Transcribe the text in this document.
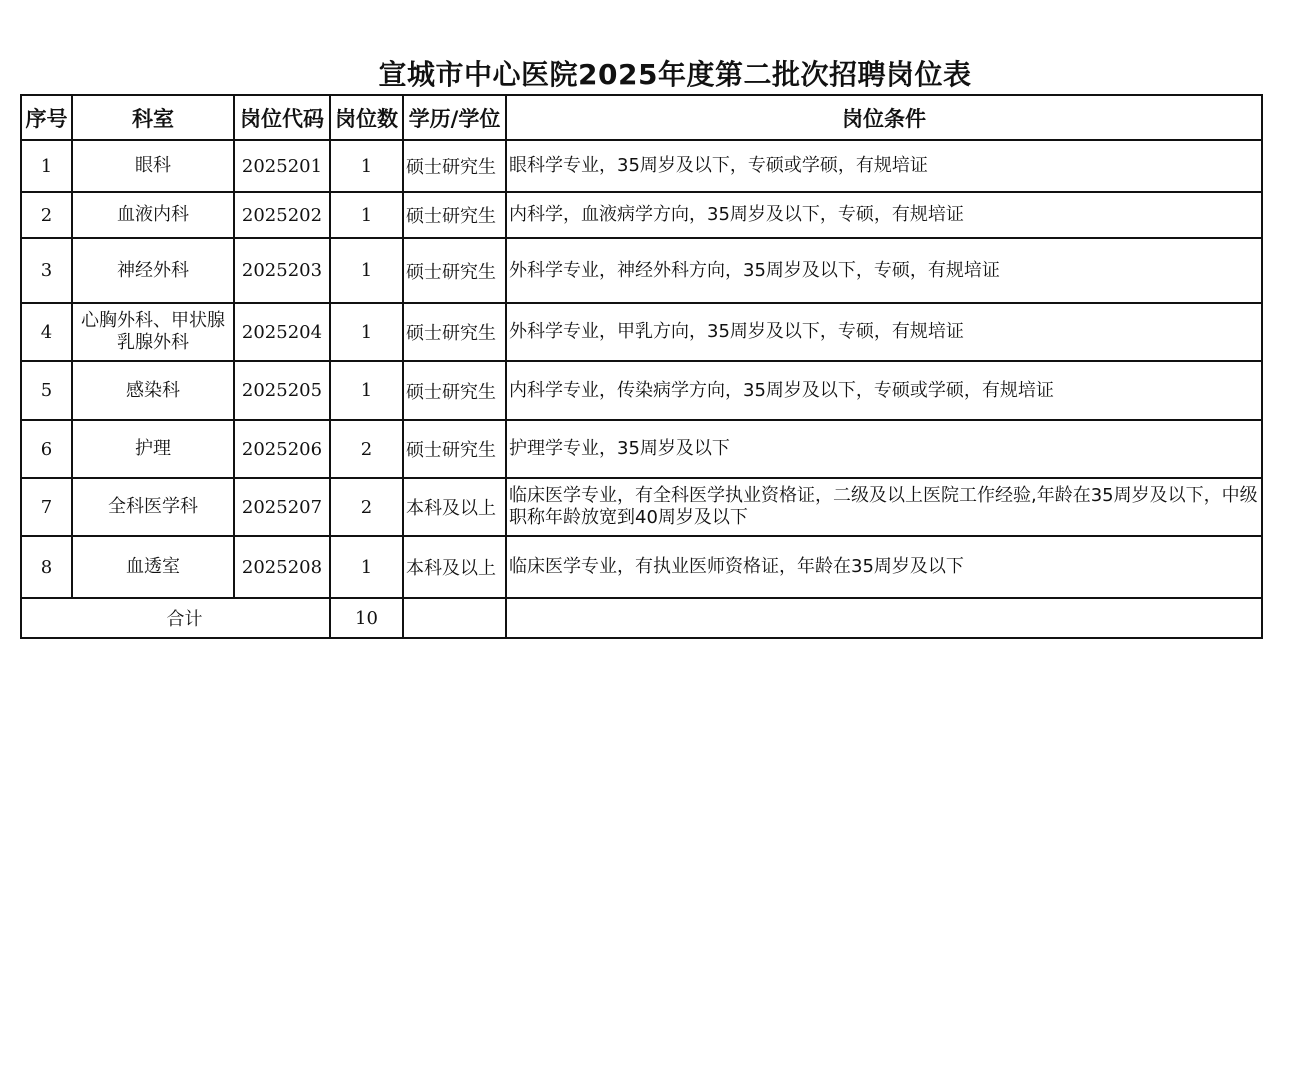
宣城市中心医院2025年度第二批次招聘岗位表
序号	科室	岗位代码	岗位数	学历/学位	岗位条件
1	眼科	2025201	1	硕士研究生	眼科学专业，35周岁及以下，专硕或学硕，有规培证
2	血液内科	2025202	1	硕士研究生	内科学，血液病学方向，35周岁及以下，专硕，有规培证
3	神经外科	2025203	1	硕士研究生	外科学专业，神经外科方向，35周岁及以下，专硕，有规培证
4	心胸外科、甲状腺乳腺外科	2025204	1	硕士研究生	外科学专业，甲乳方向，35周岁及以下，专硕，有规培证
5	感染科	2025205	1	硕士研究生	内科学专业，传染病学方向，35周岁及以下，专硕或学硕，有规培证
6	护理	2025206	2	硕士研究生	护理学专业，35周岁及以下
7	全科医学科	2025207	2	本科及以上	临床医学专业，有全科医学执业资格证，二级及以上医院工作经验,年龄在35周岁及以下，中级职称年龄放宽到40周岁及以下
8	血透室	2025208	1	本科及以上	临床医学专业，有执业医师资格证，年龄在35周岁及以下
合计			10		
